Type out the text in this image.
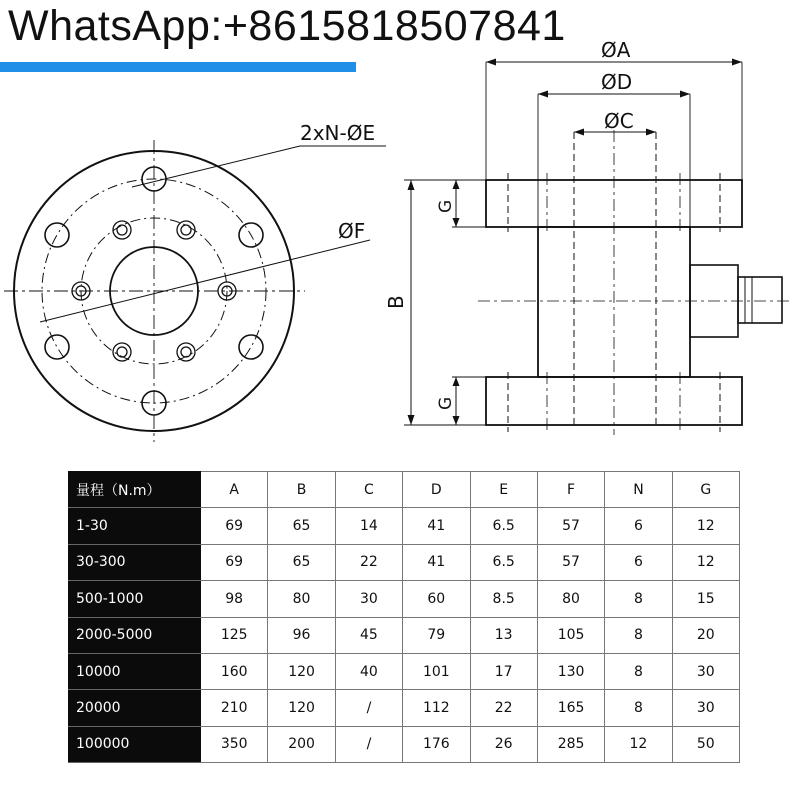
WhatsApp:+8615818507841
2xN-ØE
ØF
ØA
ØD
ØC
B
G
G
量程（N.m）	A	B	C	D	E	F	N	G
1-30	69	65	14	41	6.5	57	6	12
30-300	69	65	22	41	6.5	57	6	12
500-1000	98	80	30	60	8.5	80	8	15
2000-5000	125	96	45	79	13	105	8	20
10000	160	120	40	101	17	130	8	30
20000	210	120	/	112	22	165	8	30
100000	350	200	/	176	26	285	12	50
